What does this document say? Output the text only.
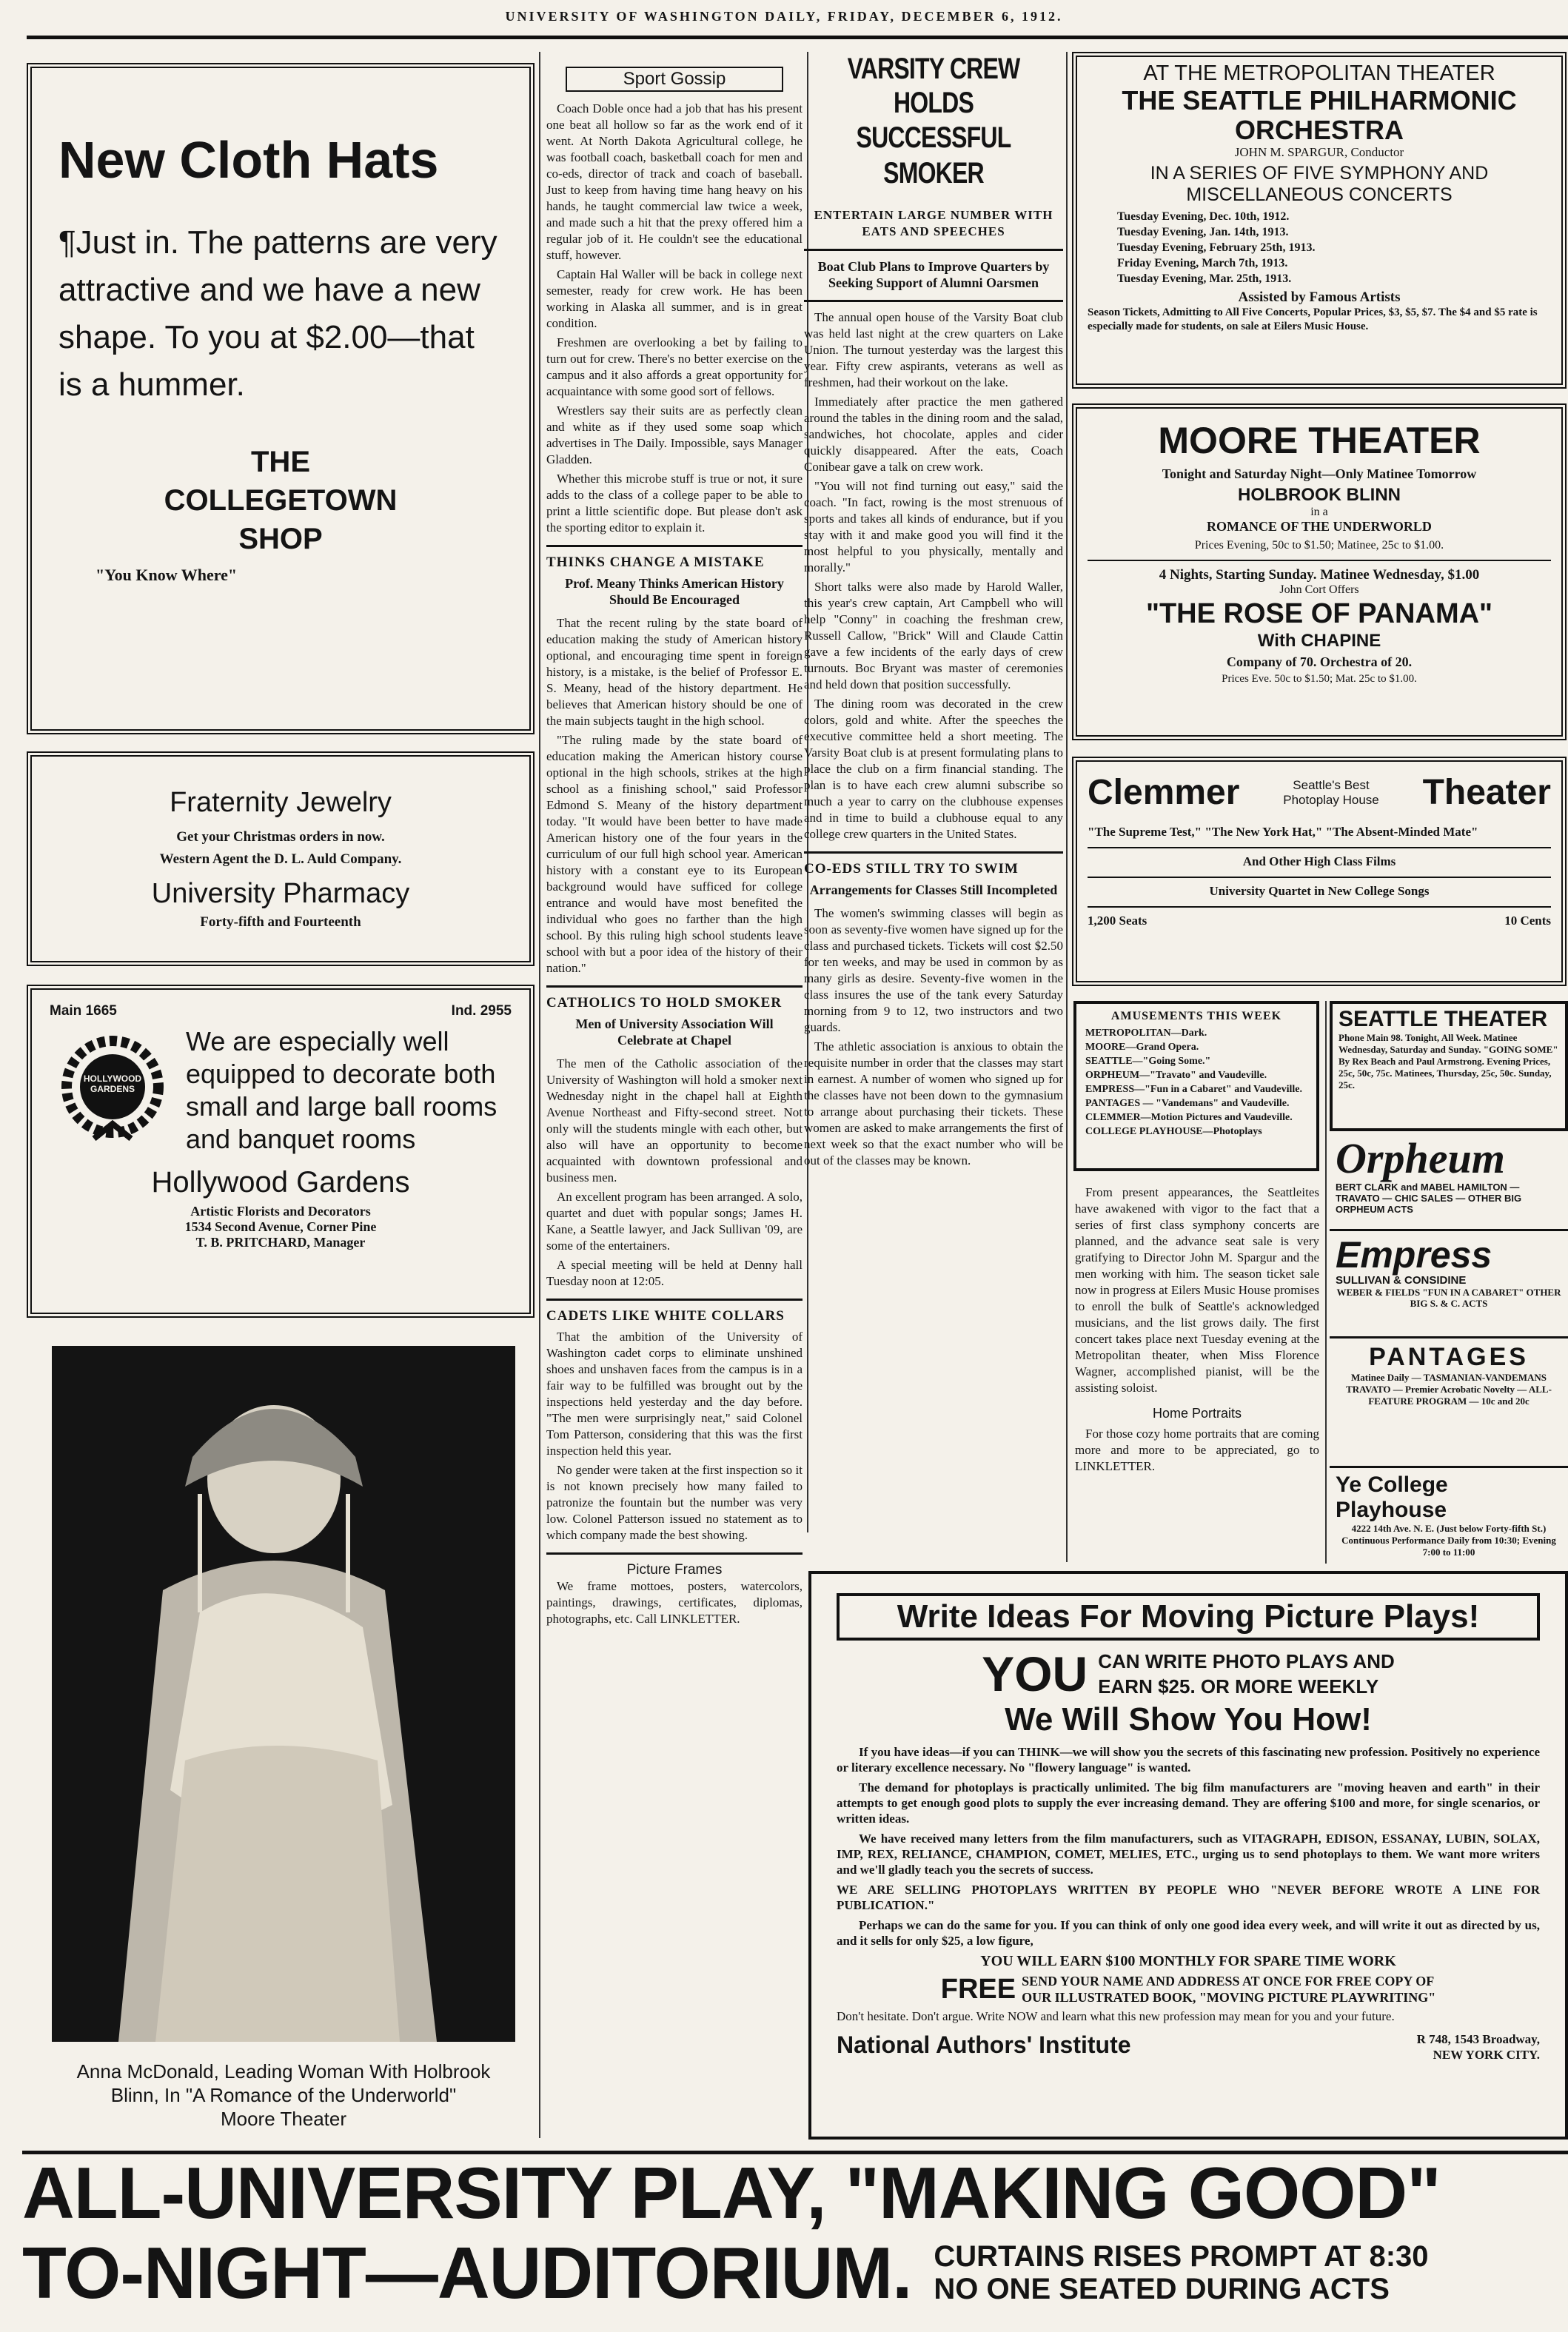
UNIVERSITY OF WASHINGTON DAILY, FRIDAY, DECEMBER 6, 1912.
New Cloth Hats
¶Just in. The patterns are very attractive and we have a new shape. To you at $2.00—that is a hummer.
THE COLLEGETOWN SHOP
"You Know Where"
Fraternity Jewelry
Get your Christmas orders in now.
Western Agent the D. L. Auld Company.
University Pharmacy
Forty-fifth and Fourteenth
Main 1665	Ind. 2955
HOLLYWOOD GARDENS
We are especially well equipped to decorate both small and large ball rooms and banquet rooms
Hollywood Gardens
Artistic Florists and Decorators
1534 Second Avenue, Corner Pine
T. B. PRITCHARD, Manager
Anna McDonald, Leading Woman With Holbrook
Blinn, In "A Romance of the Underworld"
Moore Theater
Sport Gossip

Coach Doble once had a job that has his present one beat all hollow so far as the work end of it went. At North Dakota Agricultural college, he was football coach, basketball coach for men and co-eds, director of track and coach of baseball. Just to keep from having time hang heavy on his hands, he taught commercial law twice a week, and made such a hit that the prexy offered him a regular job of it. He couldn't see the educational stuff, however.

Captain Hal Waller will be back in college next semester, ready for crew work. He has been working in Alaska all summer, and is in great condition.

Freshmen are overlooking a bet by failing to turn out for crew. There's no better exercise on the campus and it also affords a great opportunity for acquaintance with some good sort of fellows.

Wrestlers say their suits are as perfectly clean and white as if they used some soap which advertises in The Daily. Impossible, says Manager Gladden.

Whether this microbe stuff is true or not, it sure adds to the class of a college paper to be able to print a little scientific dope. But please don't ask the sporting editor to explain it.

THINKS CHANGE A MISTAKE
Prof. Meany Thinks American History Should Be Encouraged

That the recent ruling by the state board of education making the study of American history optional, and encouraging time spent in foreign history, is a mistake, is the belief of Professor E. S. Meany, head of the history department. He believes that American history should be one of the main subjects taught in the high school.

"The ruling made by the state board of education making the American history course optional in the high schools, strikes at the high school as a finishing school," said Professor Edmond S. Meany of the history department today. "It would have been better to have made American history one of the four years in the curriculum of our full high school year. American history with a constant eye to its European background would have sufficed for college entrance and would have most benefited the individual who goes no farther than the high school. By this ruling high school students leave school with but a poor idea of the history of their nation."

CATHOLICS TO HOLD SMOKER
Men of University Association Will Celebrate at Chapel

The men of the Catholic association of the University of Washington will hold a smoker next Wednesday night in the chapel hall at Eighth Avenue Northeast and Fifty-second street. Not only will the students mingle with each other, but also will have an opportunity to become acquainted with downtown professional and business men.

An excellent program has been arranged. A solo, quartet and duet with popular songs; James H. Kane, a Seattle lawyer, and Jack Sullivan '09, are some of the entertainers.

A special meeting will be held at Denny hall Tuesday noon at 12:05.

CADETS LIKE WHITE COLLARS

That the ambition of the University of Washington cadet corps to eliminate unshined shoes and unshaven faces from the campus is in a fair way to be fulfilled was brought out by the inspections held yesterday and the day before. "The men were surprisingly neat," said Colonel Tom Patterson, considering that this was the first inspection held this year.

No gender were taken at the first inspection so it is not known precisely how many failed to patronize the fountain but the number was very low. Colonel Patterson issued no statement as to which company made the best showing.

Picture Frames

We frame mottoes, posters, watercolors, paintings, drawings, certificates, diplomas, photographs, etc. Call LINKLETTER.

VARSITY CREW HOLDS
SUCCESSFUL SMOKER
ENTERTAIN LARGE NUMBER WITH EATS AND SPEECHES
Boat Club Plans to Improve Quarters by Seeking Support of Alumni Oarsmen

The annual open house of the Varsity Boat club was held last night at the crew quarters on Lake Union. The turnout yesterday was the largest this year. Fifty crew aspirants, veterans as well as freshmen, had their workout on the lake.

Immediately after practice the men gathered around the tables in the dining room and the salad, sandwiches, hot chocolate, apples and cider quickly disappeared. After the eats, Coach Conibear gave a talk on crew work.

"You will not find turning out easy," said the coach. "In fact, rowing is the most strenuous of sports and takes all kinds of endurance, but if you stay with it and make good you will find it the most helpful to you physically, mentally and morally."

Short talks were also made by Harold Waller, this year's crew captain, Art Campbell who will help "Conny" in coaching the freshman crew, Russell Callow, "Brick" Will and Claude Cattin gave a few incidents of the early days of crew turnouts. Boc Bryant was master of ceremonies and held down that position successfully.

The dining room was decorated in the crew colors, gold and white. After the speeches the executive committee held a short meeting. The Varsity Boat club is at present formulating plans to place the club on a firm financial standing. The plan is to have each crew alumni subscribe so much a year to carry on the clubhouse expenses and in time to build a clubhouse equal to any college crew quarters in the United States.

CO-EDS STILL TRY TO SWIM
Arrangements for Classes Still Incompleted

The women's swimming classes will begin as soon as seventy-five women have signed up for the class and purchased tickets. Tickets will cost $2.50 for ten weeks, and may be used in common by as many girls as desire. Seventy-five women in the class insures the use of the tank every Saturday morning from 9 to 12, two instructors and two guards.

The athletic association is anxious to obtain the requisite number in order that the classes may start in earnest. A number of women who signed up for the classes have not been down to the gymnasium to arrange about purchasing their tickets. These women are asked to make arrangements the first of next week so that the exact number who will be out of the classes may be known.

AT THE METROPOLITAN THEATER
THE SEATTLE PHILHARMONIC
ORCHESTRA
JOHN M. SPARGUR, Conductor
IN A SERIES OF FIVE SYMPHONY AND
MISCELLANEOUS CONCERTS
Tuesday Evening, Dec. 10th, 1912.
Tuesday Evening, Jan. 14th, 1913.
Tuesday Evening, February 25th, 1913.
Friday Evening, March 7th, 1913.
Tuesday Evening, Mar. 25th, 1913.
Assisted by Famous Artists
Season Tickets, Admitting to All Five Concerts, Popular Prices, $3, $5, $7. The $4 and $5 rate is especially made for students, on sale at Eilers Music House.
MOORE THEATER
Tonight and Saturday Night—Only Matinee Tomorrow
HOLBROOK BLINN
in a
ROMANCE OF THE UNDERWORLD
Prices Evening, 50c to $1.50; Matinee, 25c to $1.00.
4 Nights, Starting Sunday. Matinee Wednesday, $1.00
John Cort Offers
"THE ROSE OF PANAMA"
With CHAPINE
Company of 70. Orchestra of 20.
Prices Eve. 50c to $1.50; Mat. 25c to $1.00.
Clemmer	Seattle's Best Photoplay House Theater
"The Supreme Test," "The New York Hat," "The Absent-Minded Mate"
And Other High Class Films
University Quartet in New College Songs
1,200 Seats	10 Cents
AMUSEMENTS THIS WEEK
METROPOLITAN—Dark.
MOORE—Grand Opera.
SEATTLE—"Going Some."
ORPHEUM—"Travato" and Vaudeville.
EMPRESS—"Fun in a Cabaret" and Vaudeville.
PANTAGES — "Vandemans" and Vaudeville.
CLEMMER—Motion Pictures and Vaudeville.
COLLEGE PLAYHOUSE—Photoplays

From present appearances, the Seattleites have awakened with vigor to the fact that a series of first class symphony concerts are planned, and the advance seat sale is very gratifying to Director John M. Spargur and the men working with him. The season ticket sale now in progress at Eilers Music House promises to enroll the bulk of Seattle's acknowledged musicians, and the list grows daily. The first concert takes place next Tuesday evening at the Metropolitan theater, when Miss Florence Wagner, accomplished pianist, will be the assisting soloist.

Home Portraits

For those cozy home portraits that are coming more and more to be appreciated, go to LINKLETTER.

SEATTLE THEATER
Phone Main 98. Tonight, All Week. Matinee Wednesday, Saturday and Sunday. "GOING SOME" By Rex Beach and Paul Armstrong. Evening Prices, 25c, 50c, 75c. Matinees, Thursday, 25c, 50c. Sunday, 25c.
Orpheum
BERT CLARK and MABEL HAMILTON — TRAVATO — CHIC SALES — OTHER BIG ORPHEUM ACTS
Empress
SULLIVAN & CONSIDINE
WEBER & FIELDS "FUN IN A CABARET" OTHER BIG S. & C. ACTS
PANTAGES
Matinee Daily — TASMANIAN-VANDEMANS TRAVATO — Premier Acrobatic Novelty — ALL-FEATURE PROGRAM — 10c and 20c
Ye College Playhouse
4222 14th Ave. N. E. (Just below Forty-fifth St.) Continuous Performance Daily from 10:30; Evening 7:00 to 11:00
Write Ideas For Moving Picture Plays!
YOU CAN WRITE PHOTO PLAYS AND
EARN $25. OR MORE WEEKLY
We Will Show You How!

If you have ideas—if you can THINK—we will show you the secrets of this fascinating new profession. Positively no experience or literary excellence necessary. No "flowery language" is wanted.

The demand for photoplays is practically unlimited. The big film manufacturers are "moving heaven and earth" in their attempts to get enough good plots to supply the ever increasing demand. They are offering $100 and more, for single scenarios, or written ideas.

We have received many letters from the film manufacturers, such as VITAGRAPH, EDISON, ESSANAY, LUBIN, SOLAX, IMP, REX, RELIANCE, CHAMPION, COMET, MELIES, ETC., urging us to send photoplays to them. We want more writers and we'll gladly teach you the secrets of success.

WE ARE SELLING PHOTOPLAYS WRITTEN BY PEOPLE WHO "NEVER BEFORE WROTE A LINE FOR PUBLICATION."

Perhaps we can do the same for you. If you can think of only one good idea every week, and will write it out as directed by us, and it sells for only $25, a low figure,

YOU WILL EARN $100 MONTHLY FOR SPARE TIME WORK
FREE SEND YOUR NAME AND ADDRESS AT ONCE FOR FREE COPY OF
OUR ILLUSTRATED BOOK, "MOVING PICTURE PLAYWRITING"
Don't hesitate. Don't argue. Write NOW and learn what this new profession may mean for you and your future.
National Authors' Institute	R 748, 1543 Broadway,
NEW YORK CITY.
ALL-UNIVERSITY PLAY, "MAKING GOOD"
TO-NIGHT—AUDITORIUM. CURTAINS RISES PROMPT AT 8:30
NO ONE SEATED DURING ACTS
